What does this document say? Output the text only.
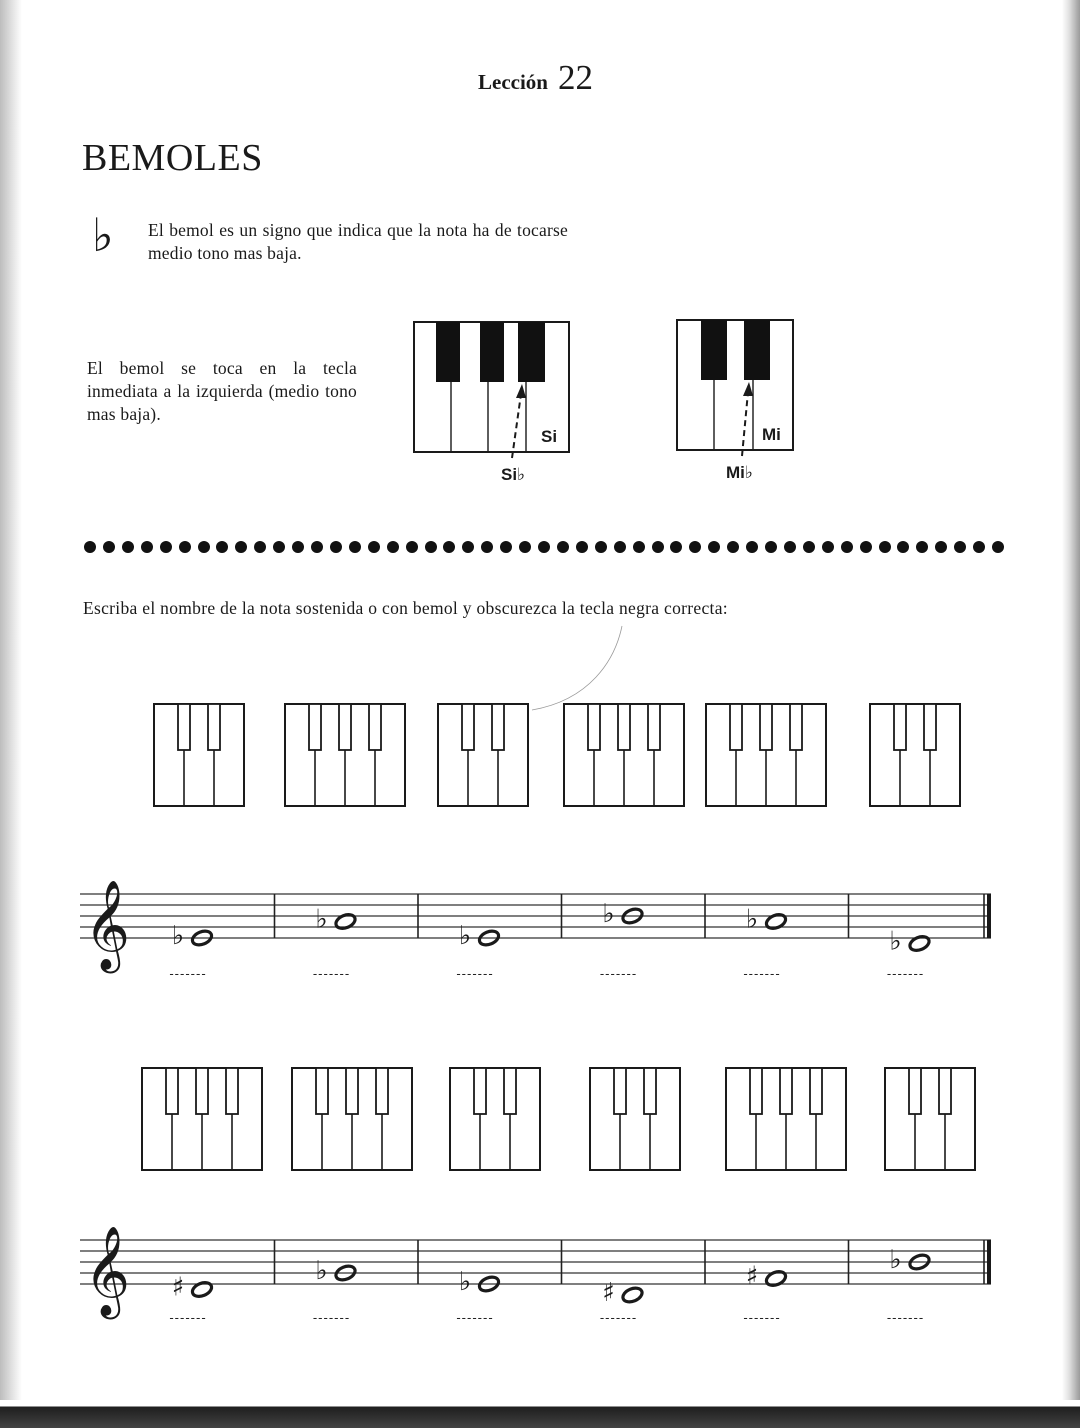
Lección 22
BEMOLES
♭ El bemol es un signo que indica que la nota ha de tocarse medio tono mas baja.
El bemol se toca en la tecla inmediata a la izquierda (medio tono mas baja).
Si
Si♭
Mi
Mi♭
Escriba el nombre de la nota sostenida o con bemol y obscurezca la tecla negra correcta:
𝄞 ♭
♭
♭
♭	♭
♭
-------	-------	-------	-------	-------	-------
𝄞 ♯
♭	♭	♯
♯
♭
-------	-------	-------	-------	-------	-------
